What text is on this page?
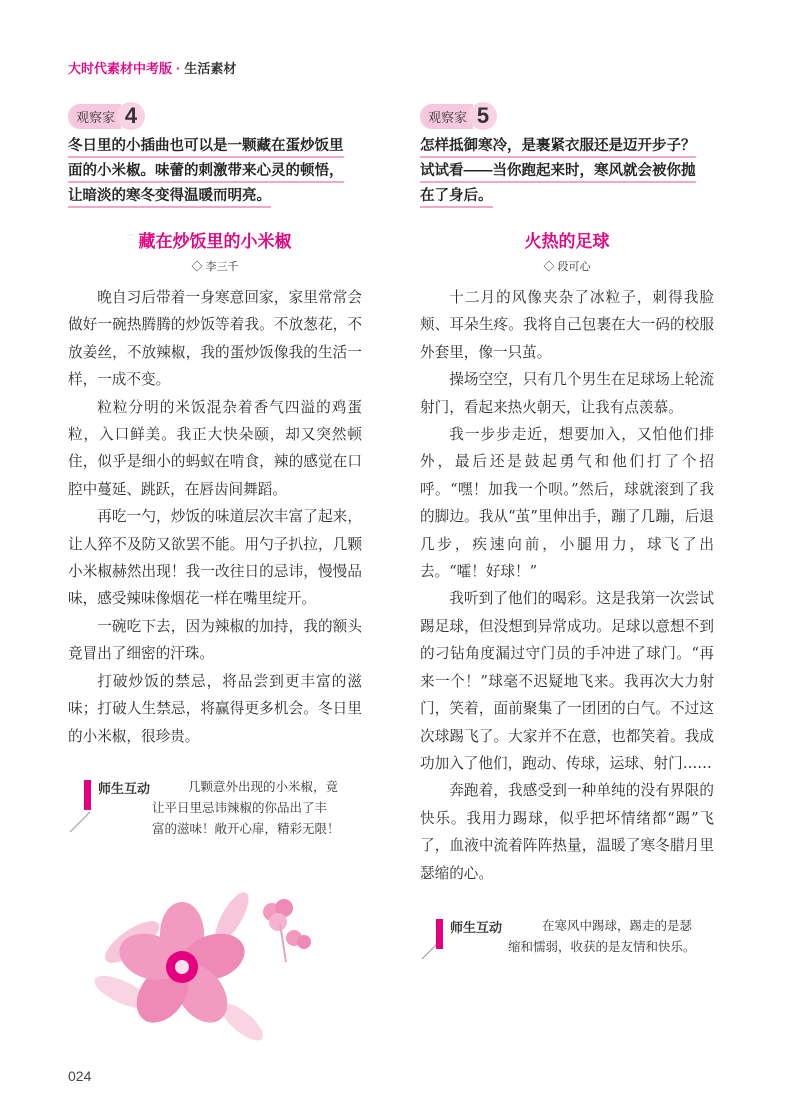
大时代素材中考版 · 生活素材
观察家 4
冬日里的小插曲也可以是一颗藏在蛋炒饭里
面的小米椒。味蕾的刺激带来心灵的顿悟，
让暗淡的寒冬变得温暖而明亮。
藏在炒饭里的小米椒
◇ 李三千

晚自习后带着一身寒意回家，家里常常会做好一碗热腾腾的炒饭等着我。不放葱花，不放姜丝，不放辣椒，我的蛋炒饭像我的生活一样，一成不变。

粒粒分明的米饭混杂着香气四溢的鸡蛋粒，入口鲜美。我正大快朵颐，却又突然顿住，似乎是细小的蚂蚁在啃食，辣的感觉在口腔中蔓延、跳跃，在唇齿间舞蹈。

再吃一勺，炒饭的味道层次丰富了起来，让人猝不及防又欲罢不能。用勺子扒拉，几颗小米椒赫然出现！我一改往日的忌讳，慢慢品味，感受辣味像烟花一样在嘴里绽开。

一碗吃下去，因为辣椒的加持，我的额头竟冒出了细密的汗珠。

打破炒饭的禁忌，将品尝到更丰富的滋味；打破人生禁忌，将赢得更多机会。冬日里的小米椒，很珍贵。

师生互动	几颗意外出现的小米椒，竟
让平日里忌讳辣椒的你品出了丰
富的滋味！敞开心扉，精彩无限！
观察家 5
怎样抵御寒冷，是裹紧衣服还是迈开步子？
试试看——当你跑起来时，寒风就会被你抛
在了身后。
火热的足球
◇ 段可心

十二月的风像夹杂了冰粒子，刺得我脸颊、耳朵生疼。我将自己包裹在大一码的校服外套里，像一只茧。

操场空空，只有几个男生在足球场上轮流射门，看起来热火朝天，让我有点羡慕。

我一步步走近，想要加入，又怕他们排外，最后还是鼓起勇气和他们打了个招呼。“嘿！加我一个呗。”然后，球就滚到了我的脚边。我从“茧”里伸出手，蹦了几蹦，后退几步，疾速向前，小腿用力，球飞了出去。“嚯！好球！”

我听到了他们的喝彩。这是我第一次尝试踢足球，但没想到异常成功。足球以意想不到的刁钻角度漏过守门员的手冲进了球门。“再来一个！”球毫不迟疑地飞来。我再次大力射门，笑着，面前聚集了一团团的白气。不过这次球踢飞了。大家并不在意，也都笑着。我成功加入了他们，跑动、传球，运球、射门……

奔跑着，我感受到一种单纯的没有界限的快乐。我用力踢球，似乎把坏情绪都“踢”飞了，血液中流着阵阵热量，温暖了寒冬腊月里瑟缩的心。

师生互动	在寒风中踢球，踢走的是瑟
缩和懦弱，收获的是友情和快乐。
024
